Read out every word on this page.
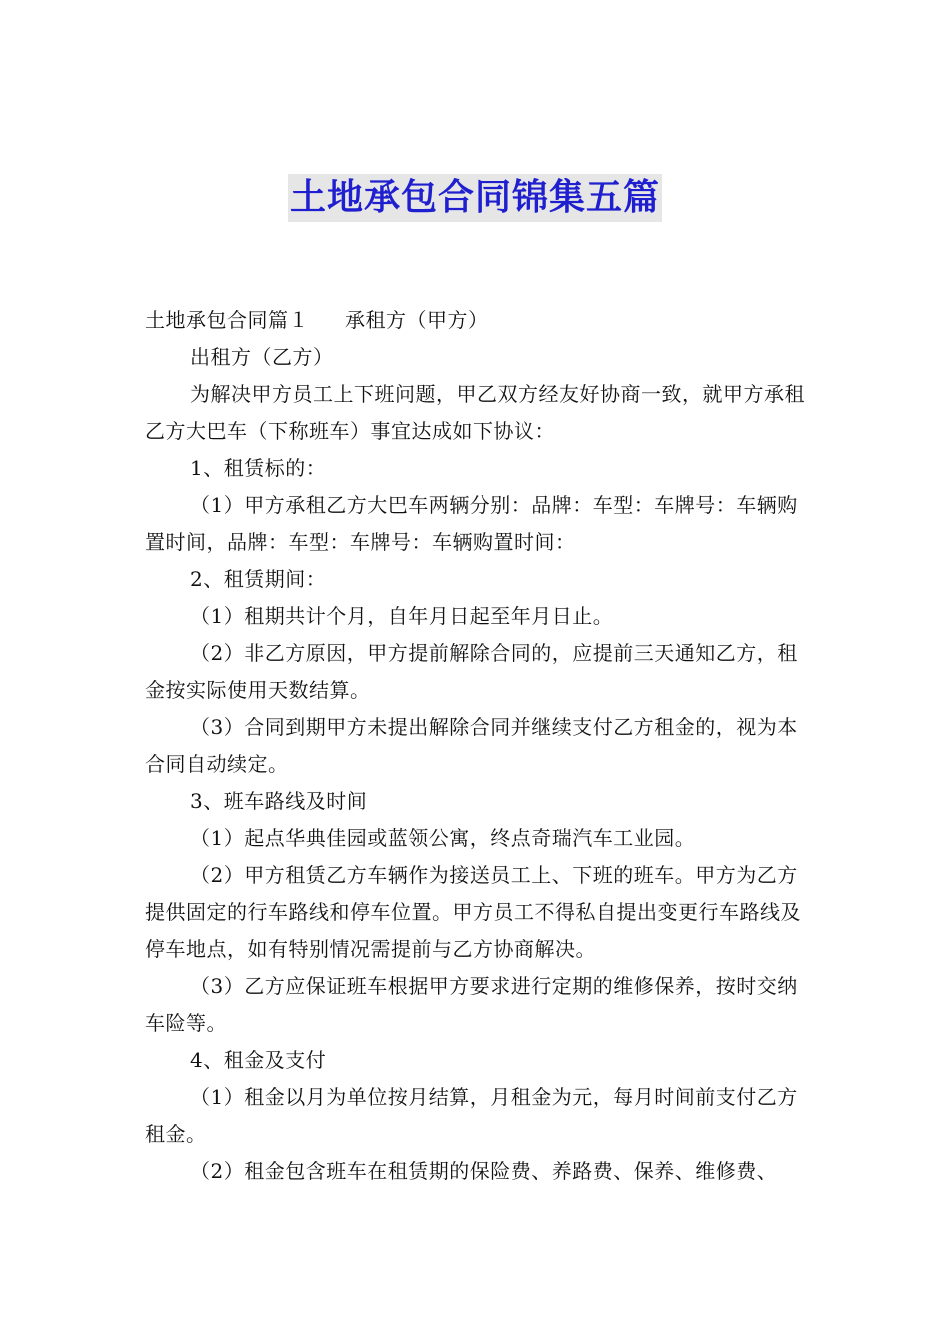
土地承包合同锦集五篇

土地承包合同篇１ 承租方（甲方）

出租方（乙方）

为解决甲方员工上下班问题，甲乙双方经友好协商一致，就甲方承租乙方大巴车（下称班车）事宜达成如下协议：

1、租赁标的：

（1）甲方承租乙方大巴车两辆分别：品牌：车型：车牌号：车辆购置时间，品牌：车型：车牌号：车辆购置时间：

2、租赁期间：

（1）租期共计个月，自年月日起至年月日止。

（2）非乙方原因，甲方提前解除合同的，应提前三天通知乙方，租金按实际使用天数结算。

（3）合同到期甲方未提出解除合同并继续支付乙方租金的，视为本合同自动续定。

3、班车路线及时间

（1）起点华典佳园或蓝领公寓，终点奇瑞汽车工业园。

（2）甲方租赁乙方车辆作为接送员工上、下班的班车。甲方为乙方提供固定的行车路线和停车位置。甲方员工不得私自提出变更行车路线及停车地点，如有特别情况需提前与乙方协商解决。

（3）乙方应保证班车根据甲方要求进行定期的维修保养，按时交纳车险等。

4、租金及支付

（1）租金以月为单位按月结算，月租金为元，每月时间前支付乙方租金。

（2）租金包含班车在租赁期的保险费、养路费、保养、维修费、
